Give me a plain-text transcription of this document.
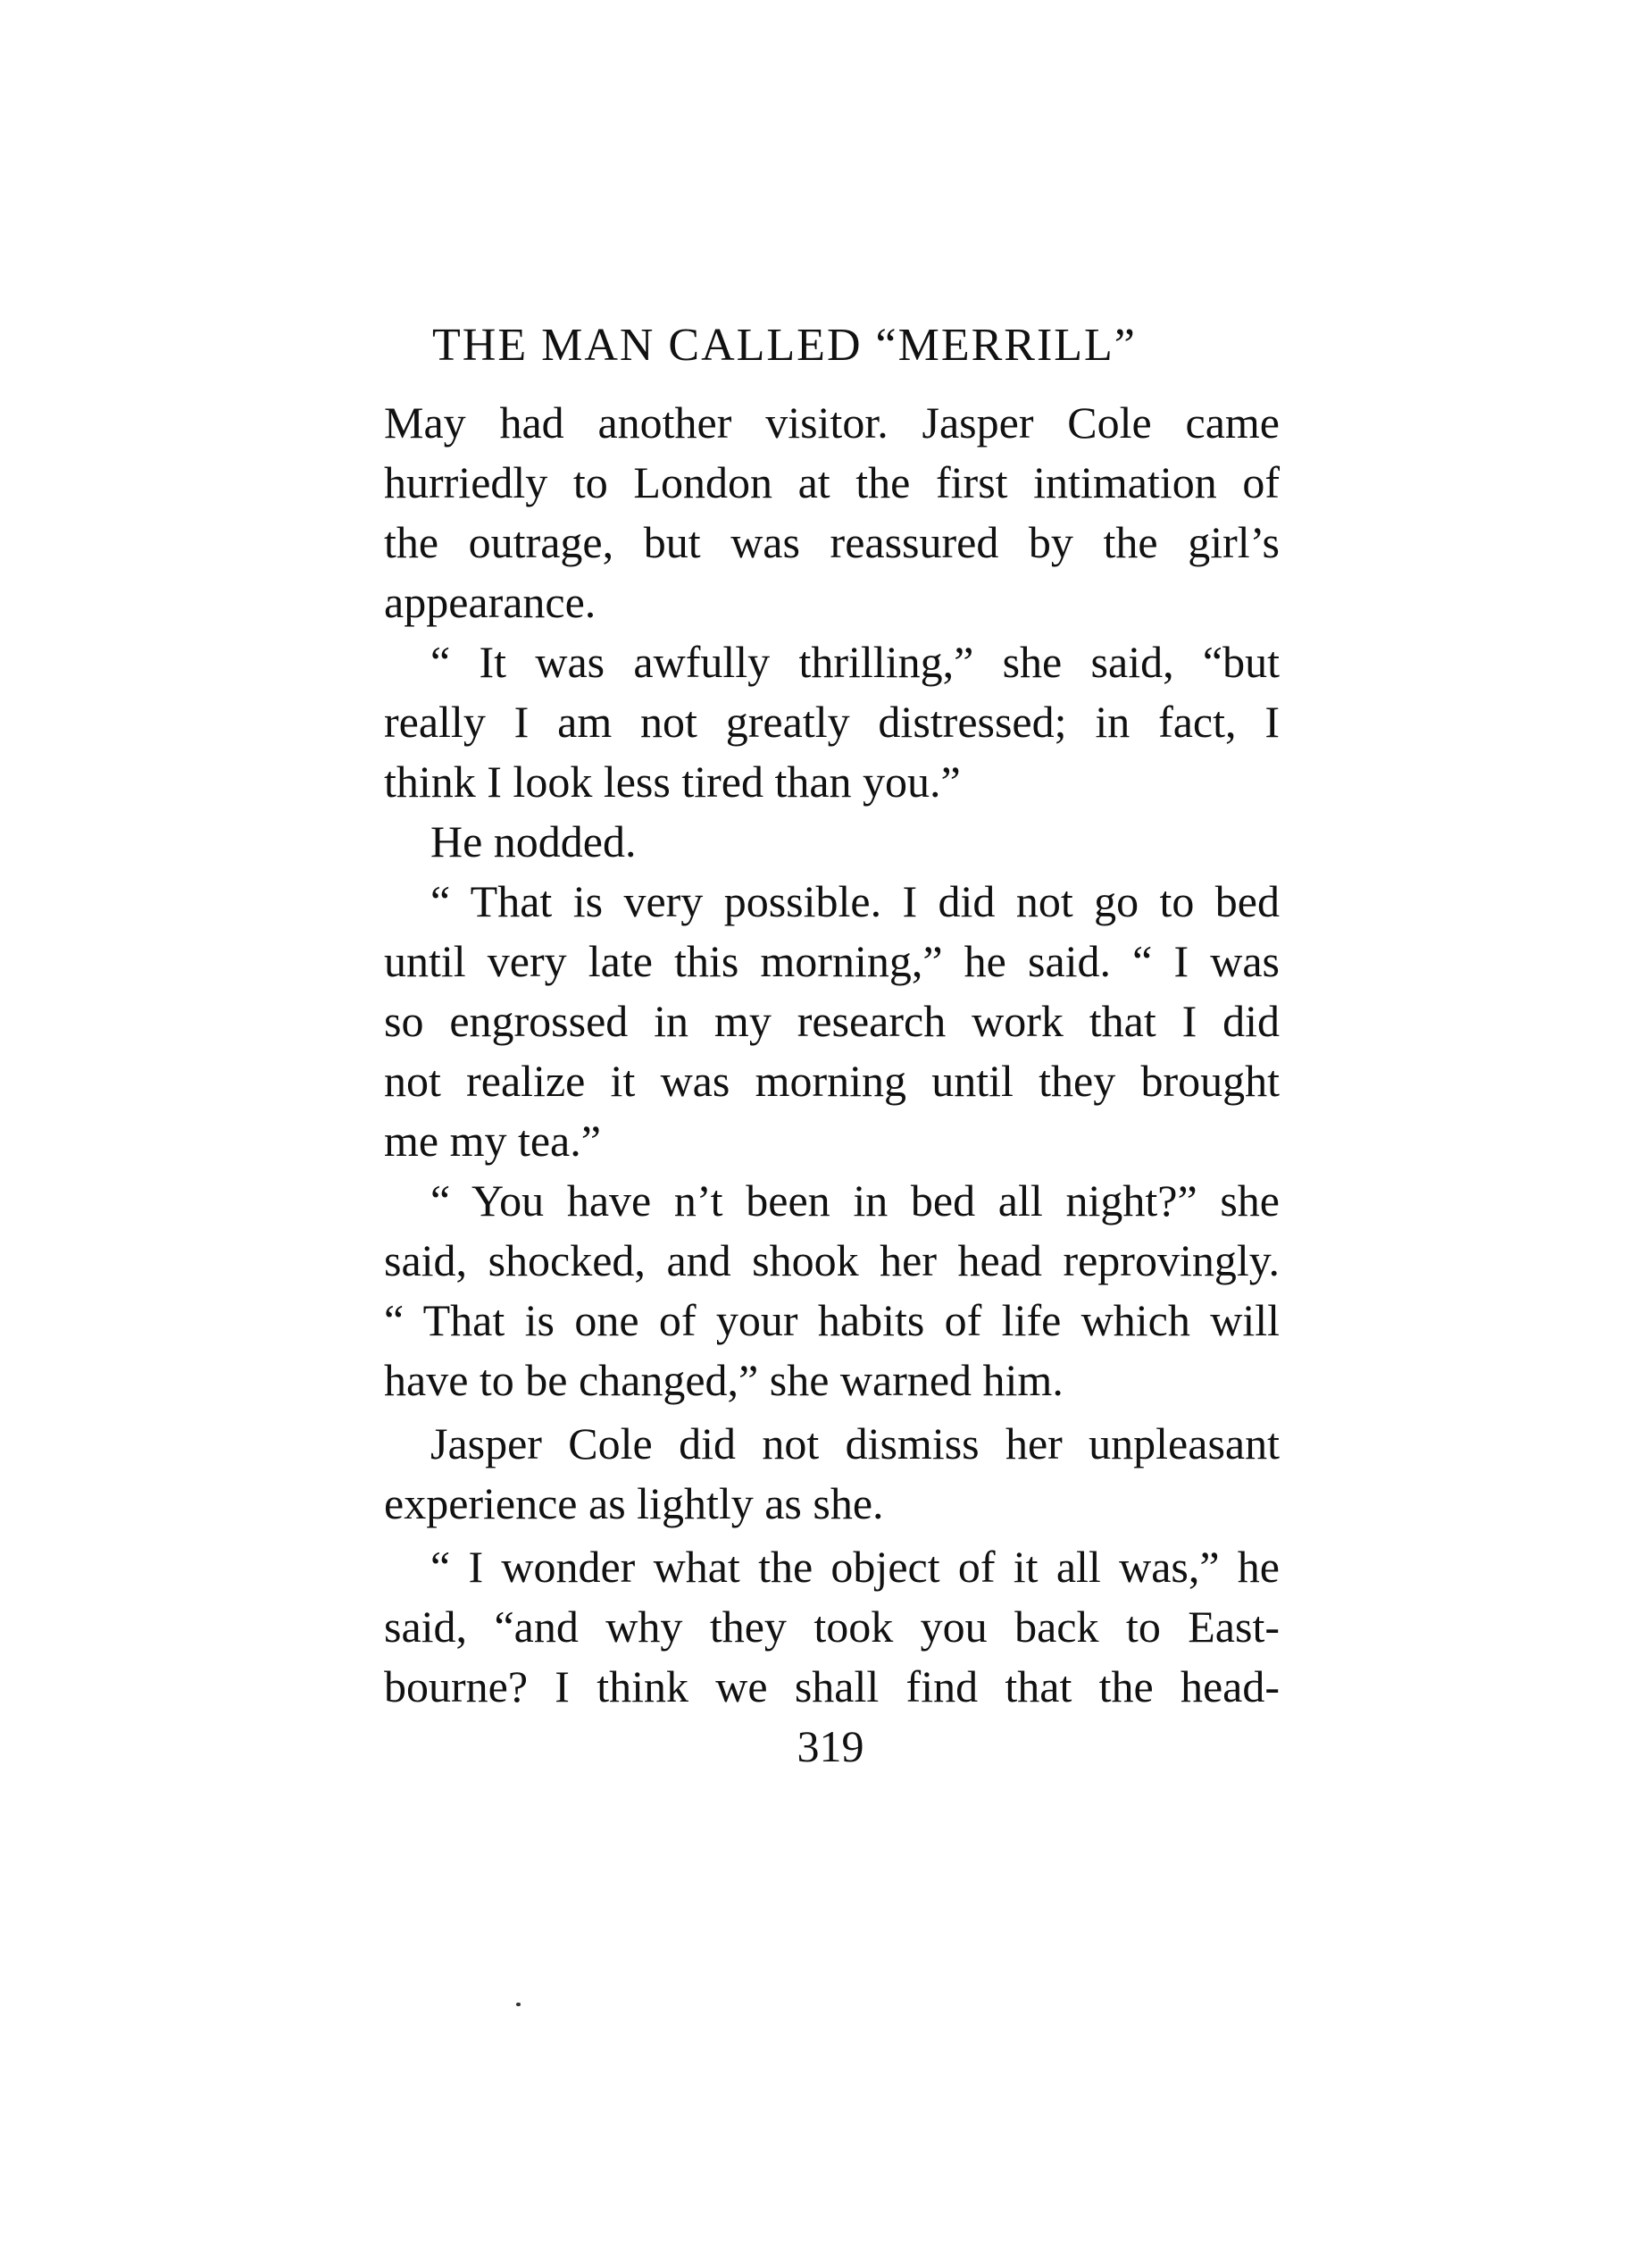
THE MAN CALLED “MERRILL”
May had another visitor. Jasper Cole came
hurriedly to London at the first intimation of
the outrage, but was reassured by the girl’s
appearance.
“ It was awfully thrilling,” she said, “but
really I am not greatly distressed; in fact, I
think I look less tired than you.”
He nodded.
“ That is very possible. I did not go to bed
until very late this morning,” he said. “ I was
so engrossed in my research work that I did
not realize it was morning until they brought
me my tea.”
“ You have n’t been in bed all night?” she
said, shocked, and shook her head reprovingly.
“ That is one of your habits of life which will
have to be changed,” she warned him.
Jasper Cole did not dismiss her unpleasant
experience as lightly as she.
“ I wonder what the object of it all was,” he
said, “and why they took you back to East-
bourne? I think we shall find that the head-
319
